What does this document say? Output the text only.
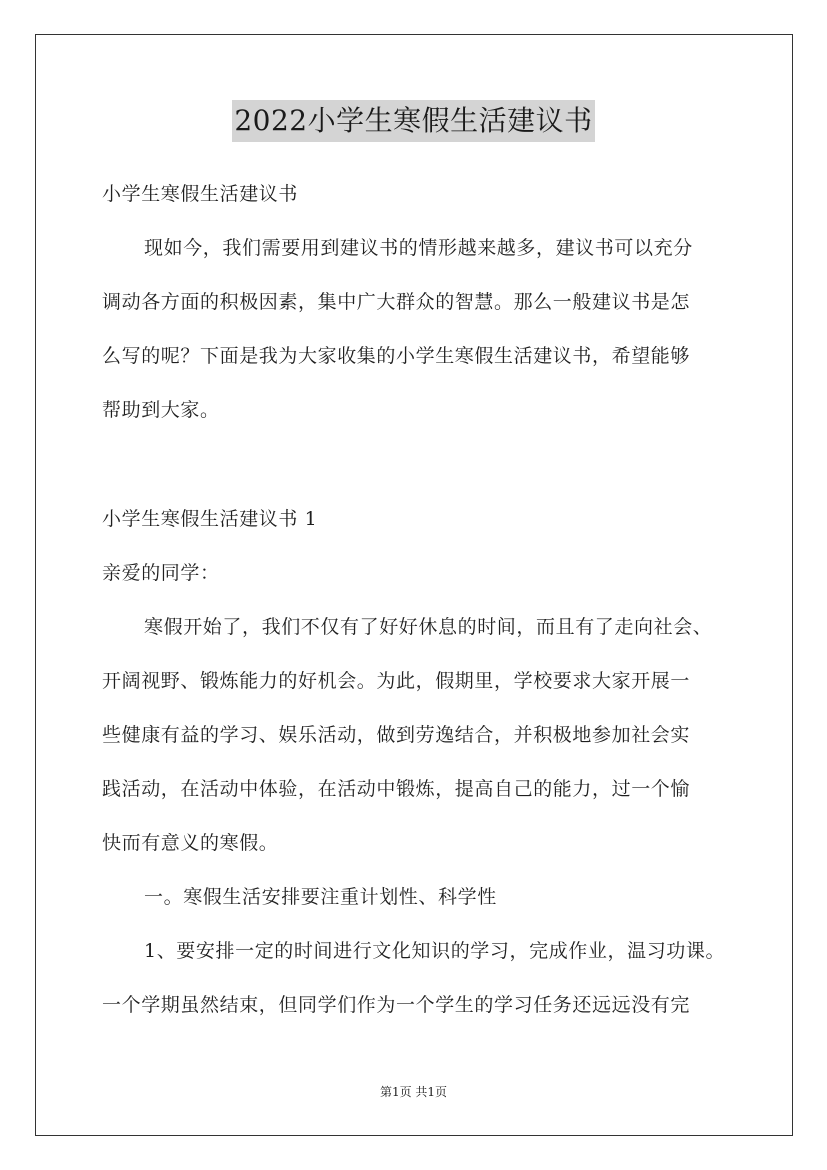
2022小学生寒假生活建议书
小学生寒假生活建议书
现如今，我们需要用到建议书的情形越来越多，建议书可以充分
调动各方面的积极因素，集中广大群众的智慧。那么一般建议书是怎
么写的呢？下面是我为大家收集的小学生寒假生活建议书，希望能够
帮助到大家。
小学生寒假生活建议书 1
亲爱的同学：
寒假开始了，我们不仅有了好好休息的时间，而且有了走向社会、
开阔视野、锻炼能力的好机会。为此，假期里，学校要求大家开展一
些健康有益的学习、娱乐活动，做到劳逸结合，并积极地参加社会实
践活动，在活动中体验，在活动中锻炼，提高自己的能力，过一个愉
快而有意义的寒假。
一。寒假生活安排要注重计划性、科学性
1、要安排一定的时间进行文化知识的学习，完成作业，温习功课。
一个学期虽然结束，但同学们作为一个学生的学习任务还远远没有完
第1页 共1页
